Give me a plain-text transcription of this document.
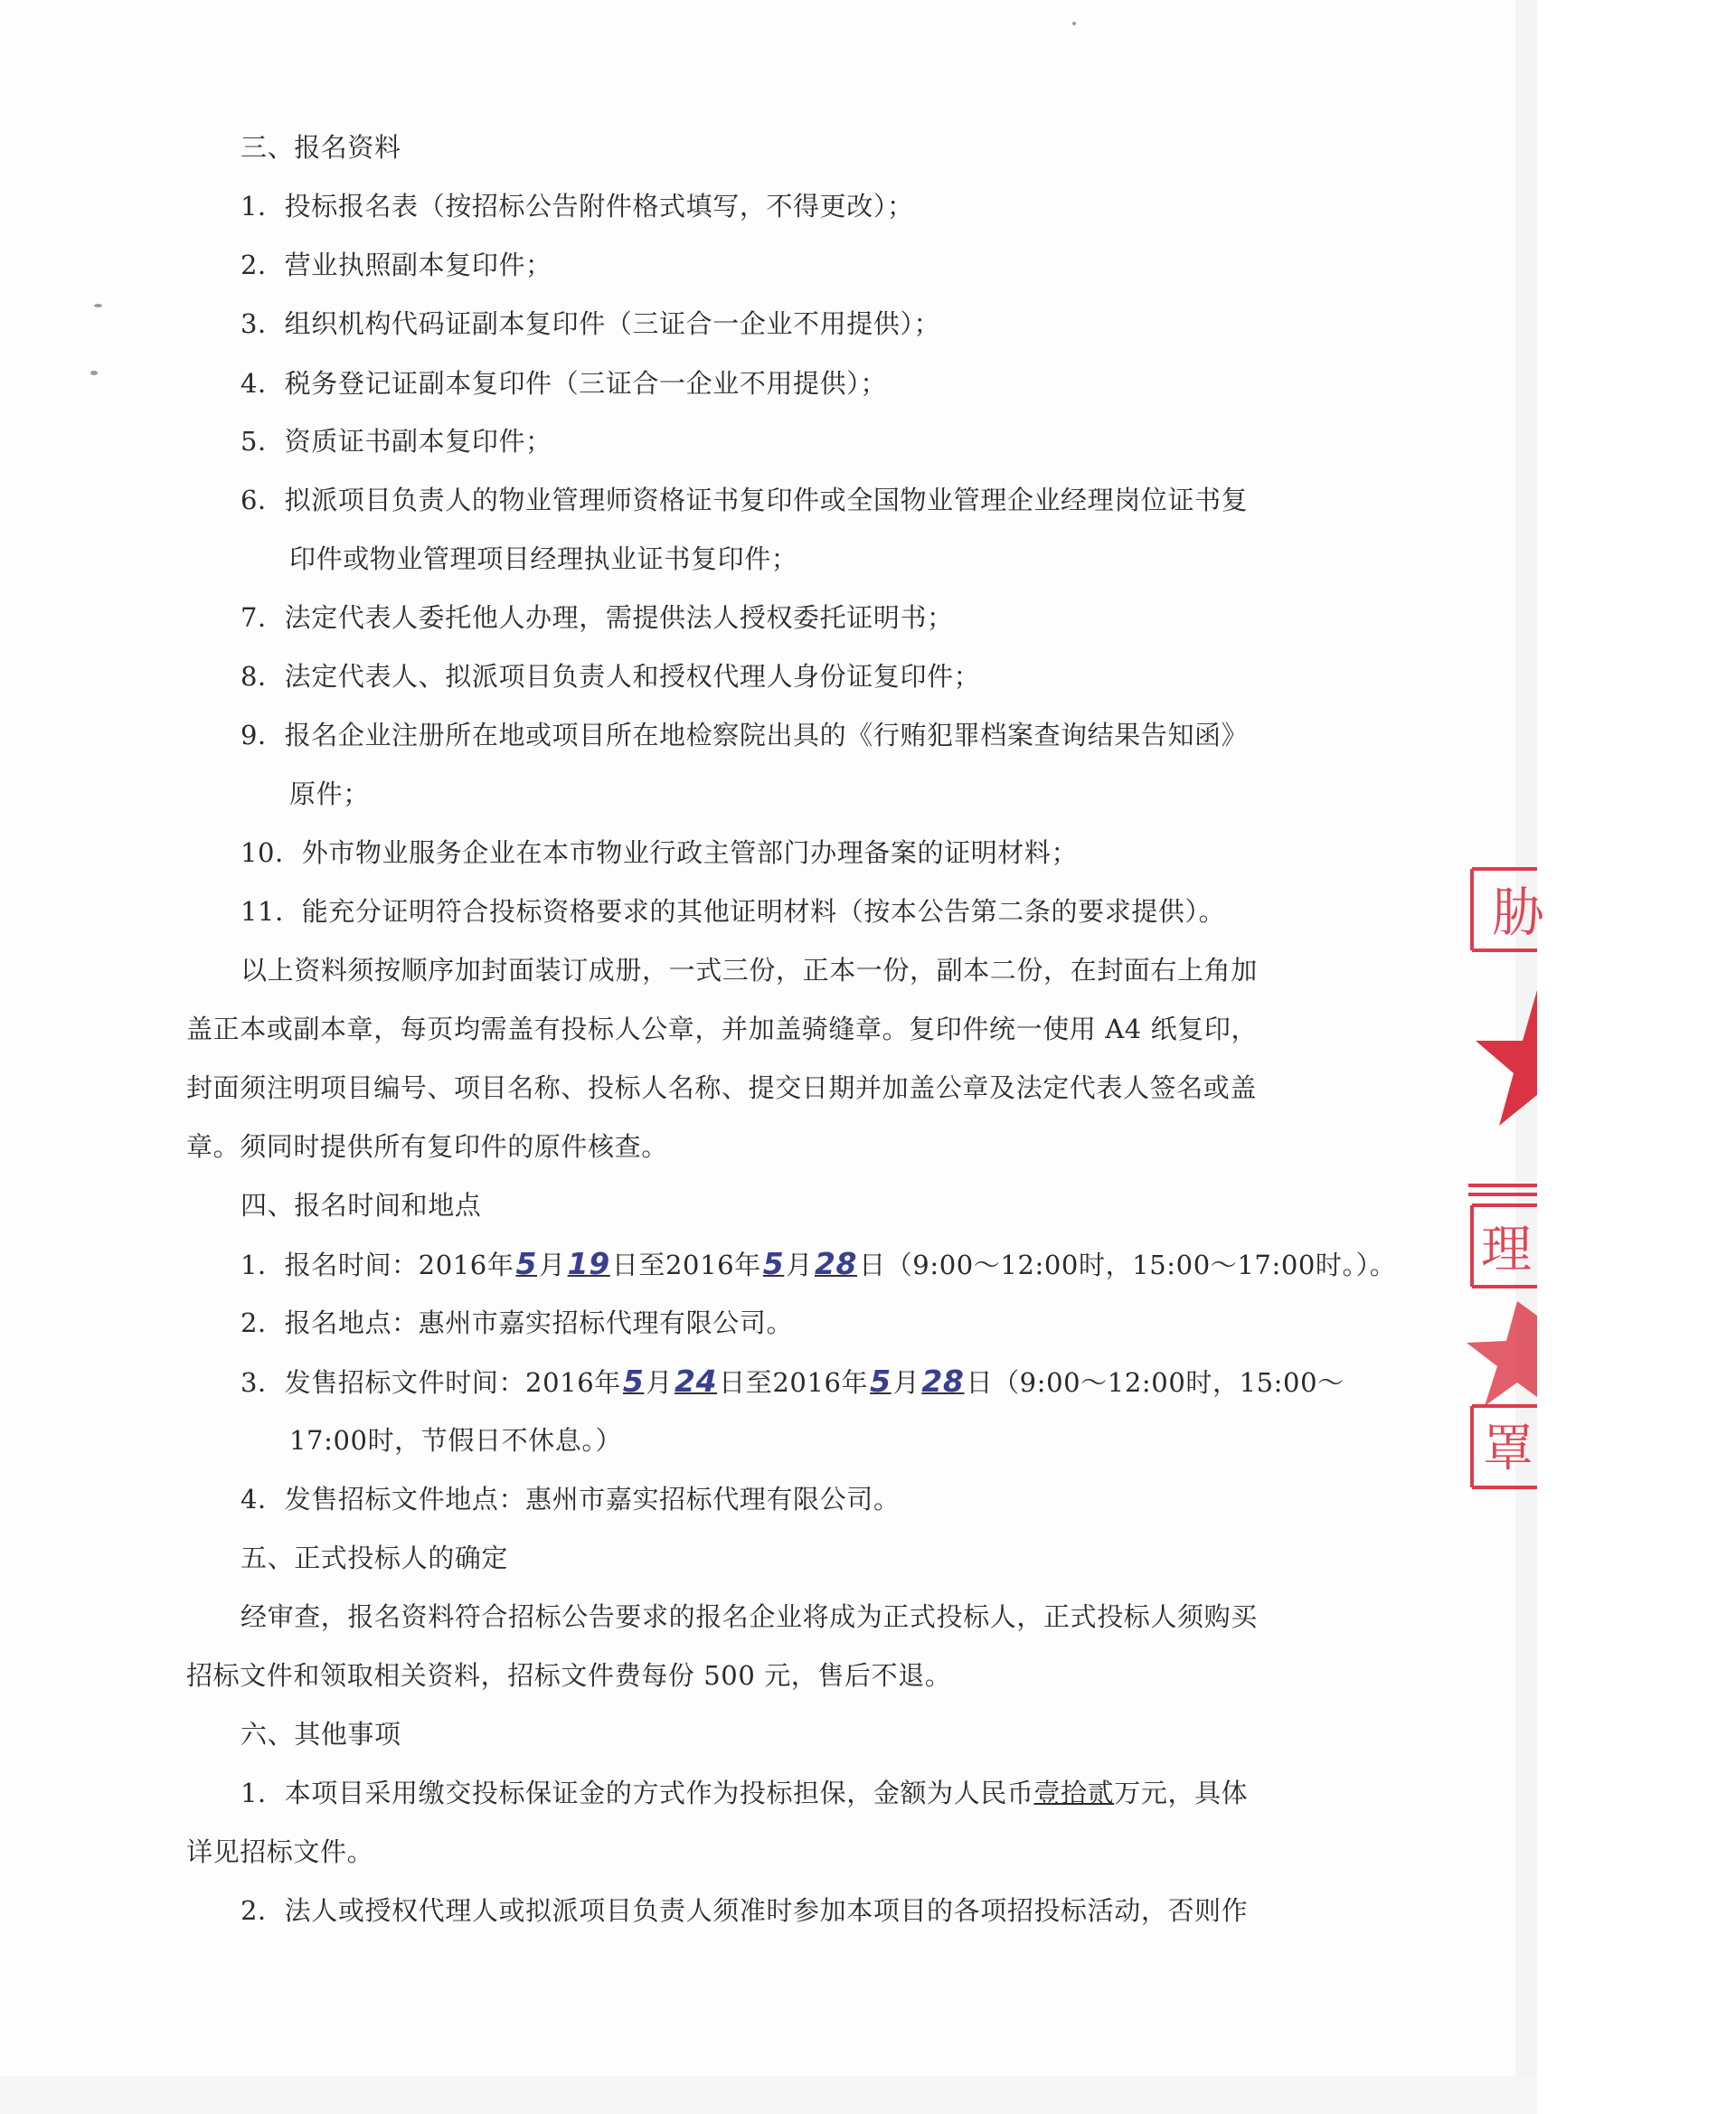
三、报名资料
1．投标报名表（按招标公告附件格式填写，不得更改）；
2．营业执照副本复印件；
3．组织机构代码证副本复印件（三证合一企业不用提供）；
4．税务登记证副本复印件（三证合一企业不用提供）；
5．资质证书副本复印件；
6．拟派项目负责人的物业管理师资格证书复印件或全国物业管理企业经理岗位证书复
印件或物业管理项目经理执业证书复印件；
7．法定代表人委托他人办理，需提供法人授权委托证明书；
8．法定代表人、拟派项目负责人和授权代理人身份证复印件；
9．报名企业注册所在地或项目所在地检察院出具的《行贿犯罪档案查询结果告知函》
原件；
10．外市物业服务企业在本市物业行政主管部门办理备案的证明材料；
11．能充分证明符合投标资格要求的其他证明材料（按本公告第二条的要求提供）。
以上资料须按顺序加封面装订成册，一式三份，正本一份，副本二份，在封面右上角加
盖正本或副本章，每页均需盖有投标人公章，并加盖骑缝章。复印件统一使用 A4 纸复印，
封面须注明项目编号、项目名称、投标人名称、提交日期并加盖公章及法定代表人签名或盖
章。须同时提供所有复印件的原件核查。
四、报名时间和地点
1．报名时间：2016年5月19日至2016年5月28日（9:00～12:00时，15:00～17:00时。）。
2．报名地点：惠州市嘉实招标代理有限公司。
3．发售招标文件时间：2016年5月24日至2016年5月28日（9:00～12:00时，15:00～
17:00时，节假日不休息。）
4．发售招标文件地点：惠州市嘉实招标代理有限公司。
五、正式投标人的确定
经审查，报名资料符合招标公告要求的报名企业将成为正式投标人，正式投标人须购买
招标文件和领取相关资料，招标文件费每份 500 元，售后不退。
六、其他事项
1．本项目采用缴交投标保证金的方式作为投标担保，金额为人民币壹拾贰万元，具体
详见招标文件。
2．法人或授权代理人或拟派项目负责人须准时参加本项目的各项招投标活动，否则作
胁
理
罩
